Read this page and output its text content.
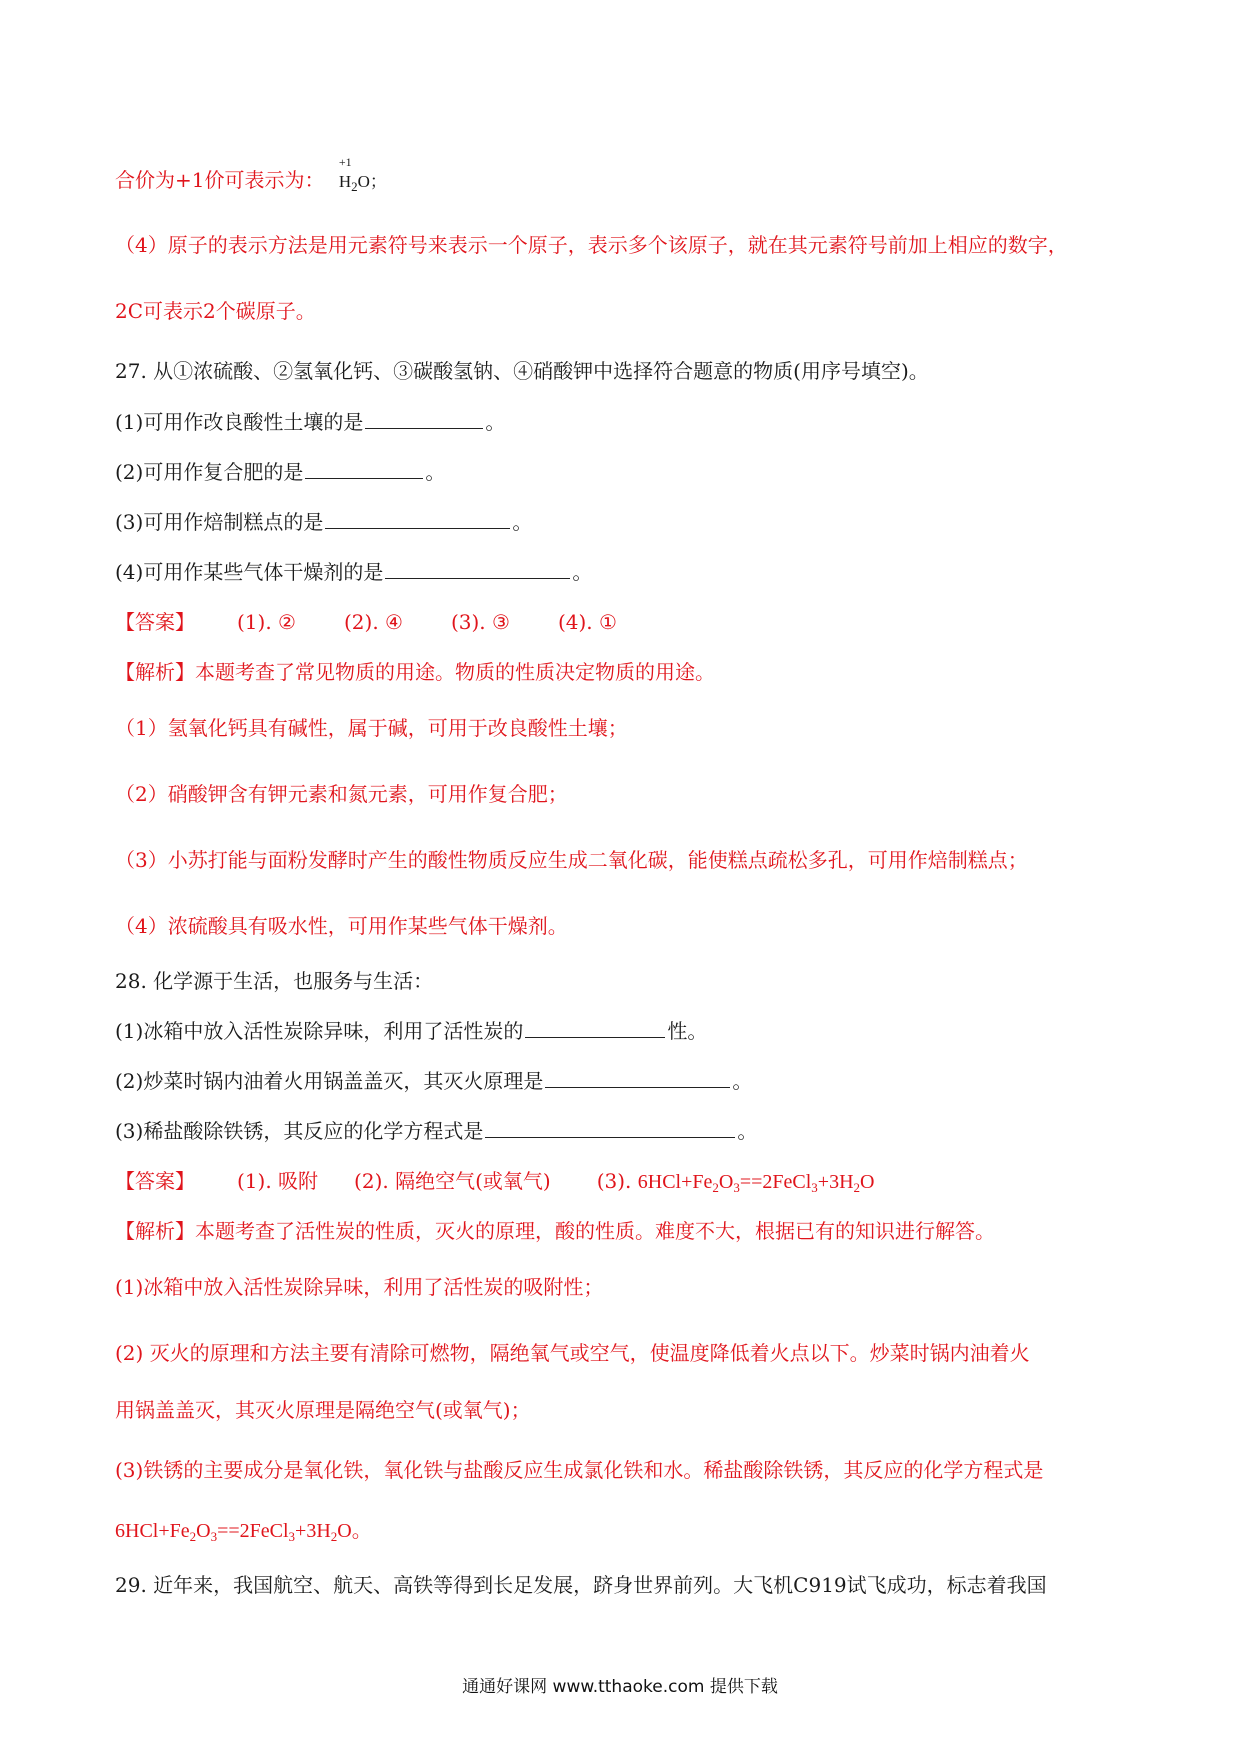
合价为+1价可表示为：
+1
$H_2O$；
（4）原子的表示方法是用元素符号来表示一个原子，表示多个该原子，就在其元素符号前加上相应的数字，
2C可表示2个碳原子。
27. 从①浓硫酸、②氢氧化钙、③碳酸氢钠、④硝酸钾中选择符合题意的物质(用序号填空)。
(1)可用作改良酸性土壤的是	。
(2)可用作复合肥的是	。
(3)可用作焙制糕点的是	。
(4)可用作某些气体干燥剂的是	。
【答案】 (1). ② (2). ④ (3). ③ (4). ①
【解析】本题考查了常见物质的用途。物质的性质决定物质的用途。
（1）氢氧化钙具有碱性，属于碱，可用于改良酸性土壤；
（2）硝酸钾含有钾元素和氮元素，可用作复合肥；
（3）小苏打能与面粉发酵时产生的酸性物质反应生成二氧化碳，能使糕点疏松多孔，可用作焙制糕点；
（4）浓硫酸具有吸水性，可用作某些气体干燥剂。
28. 化学源于生活，也服务与生活：
(1)冰箱中放入活性炭除异味，利用了活性炭的	性。
(2)炒菜时锅内油着火用锅盖盖灭，其灭火原理是	。
(3)稀盐酸除铁锈，其反应的化学方程式是	。
【答案】 (1). 吸附 (2). 隔绝空气(或氧气) (3). $6HCl+Fe_2O_3==2FeCl_3+3H_2O$
【解析】本题考查了活性炭的性质，灭火的原理，酸的性质。难度不大，根据已有的知识进行解答。
(1)冰箱中放入活性炭除异味，利用了活性炭的吸附性；
(2) 灭火的原理和方法主要有清除可燃物，隔绝氧气或空气，使温度降低着火点以下。炒菜时锅内油着火
用锅盖盖灭，其灭火原理是隔绝空气(或氧气)；
(3)铁锈的主要成分是氧化铁，氧化铁与盐酸反应生成氯化铁和水。稀盐酸除铁锈，其反应的化学方程式是
$6HCl+Fe_2O_3==2FeCl_3+3H_2O$。
29. 近年来，我国航空、航天、高铁等得到长足发展，跻身世界前列。大飞机C919试飞成功，标志着我国
通通好课网 www.tthaoke.com 提供下载
